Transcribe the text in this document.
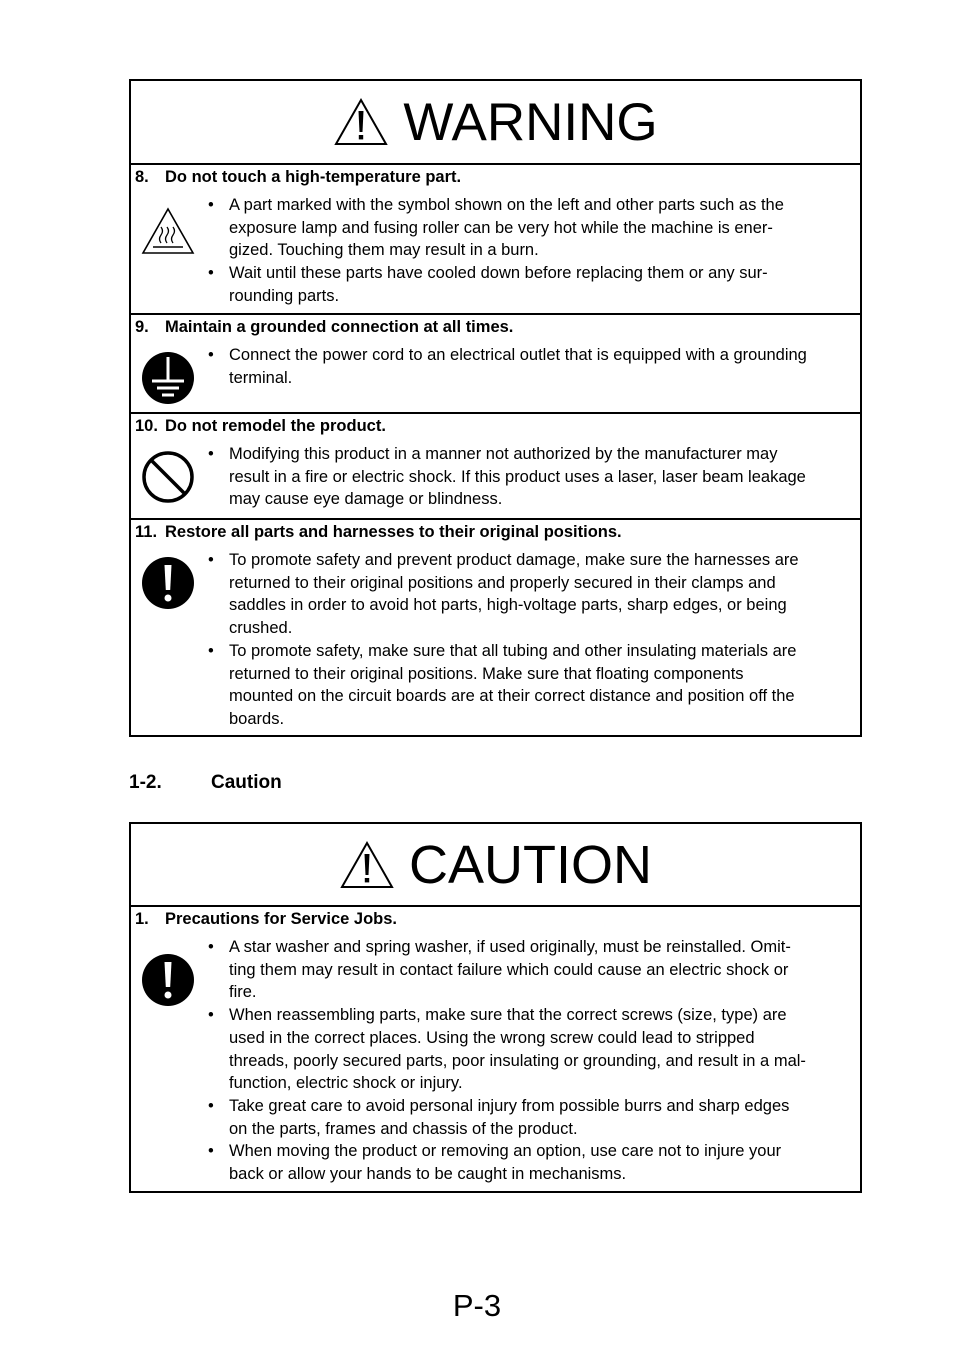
WARNING
8. Do not touch a high-temperature part.
• A part marked with the symbol shown on the left and other parts such as the
exposure lamp and fusing roller can be very hot while the machine is ener-
gized. Touching them may result in a burn.
• Wait until these parts have cooled down before replacing them or any sur-
rounding parts.
9. Maintain a grounded connection at all times.
• Connect the power cord to an electrical outlet that is equipped with a grounding
terminal.
10. Do not remodel the product.
• Modifying this product in a manner not authorized by the manufacturer may
result in a fire or electric shock. If this product uses a laser, laser beam leakage
may cause eye damage or blindness.
11. Restore all parts and harnesses to their original positions.
• To promote safety and prevent product damage, make sure the harnesses are
returned to their original positions and properly secured in their clamps and
saddles in order to avoid hot parts, high-voltage parts, sharp edges, or being
crushed.
• To promote safety, make sure that all tubing and other insulating materials are
returned to their original positions. Make sure that floating components
mounted on the circuit boards are at their correct distance and position off the
boards.
1-2.	Caution
CAUTION
1. Precautions for Service Jobs.
• A star washer and spring washer, if used originally, must be reinstalled. Omit-
ting them may result in contact failure which could cause an electric shock or
fire.
• When reassembling parts, make sure that the correct screws (size, type) are
used in the correct places. Using the wrong screw could lead to stripped
threads, poorly secured parts, poor insulating or grounding, and result in a mal-
function, electric shock or injury.
• Take great care to avoid personal injury from possible burrs and sharp edges
on the parts, frames and chassis of the product.
• When moving the product or removing an option, use care not to injure your
back or allow your hands to be caught in mechanisms.
P-3
